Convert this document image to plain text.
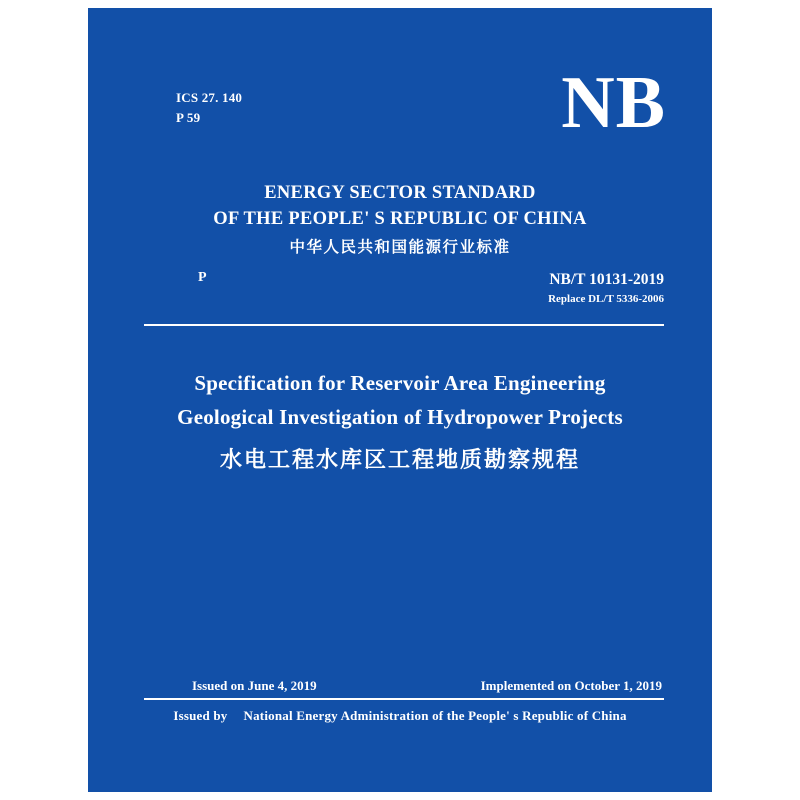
ICS 27. 140
P 59	NB
ENERGY SECTOR STANDARD
OF THE PEOPLE' S REPUBLIC OF CHINA
中华人民共和国能源行业标准
P	NB/T 10131-2019
Replace DL/T 5336-2006
Specification for Reservoir Area Engineering
Geological Investigation of Hydropower Projects
水电工程水库区工程地质勘察规程
Issued on June 4, 2019	Implemented on October 1, 2019
Issued by National Energy Administration of the People' s Republic of China
